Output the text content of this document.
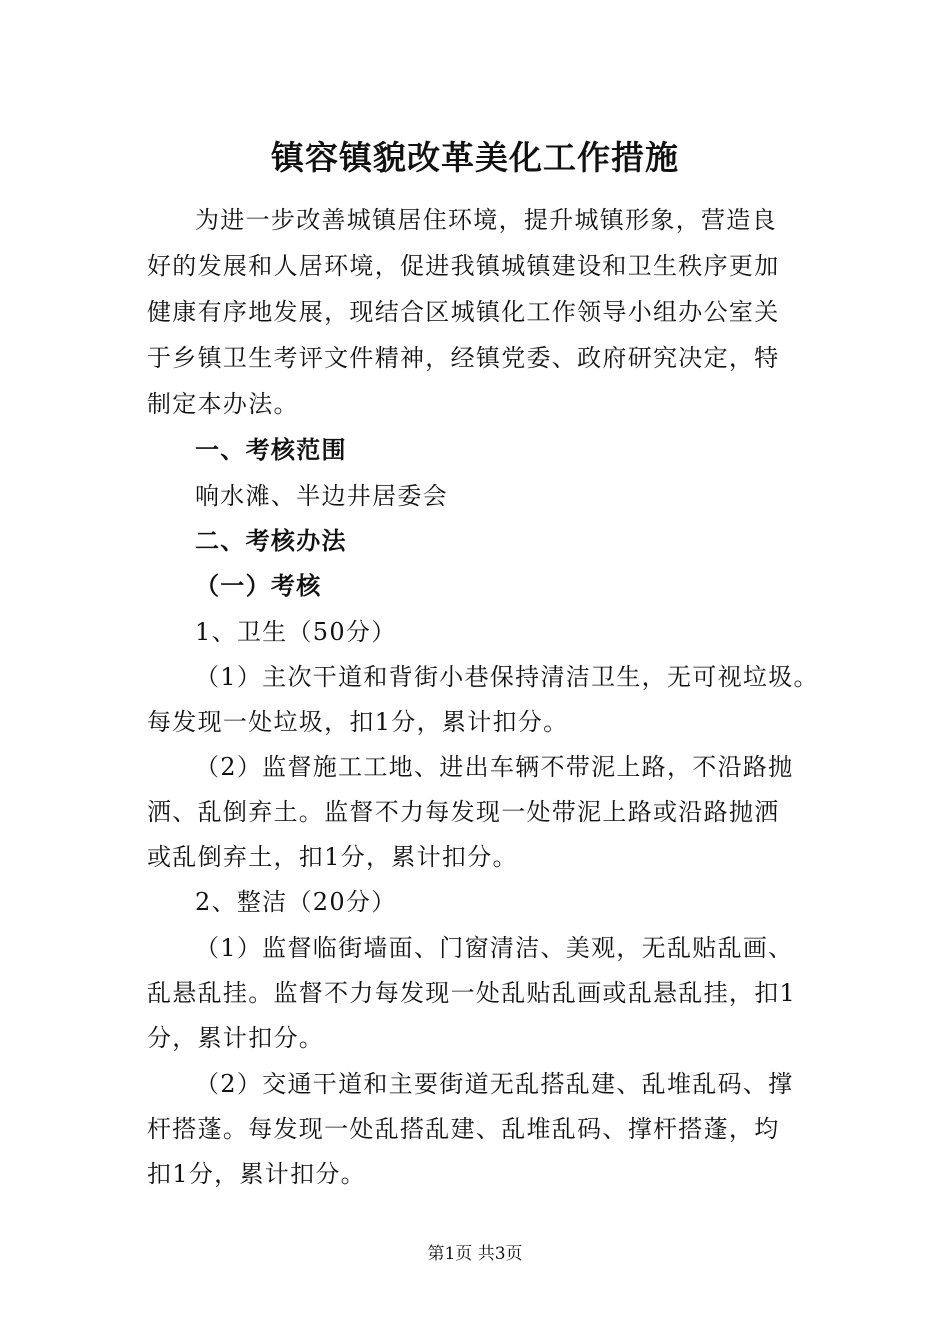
镇容镇貌改革美化工作措施
为进一步改善城镇居住环境，提升城镇形象，营造良
好的发展和人居环境，促进我镇城镇建设和卫生秩序更加
健康有序地发展，现结合区城镇化工作领导小组办公室关
于乡镇卫生考评文件精神，经镇党委、政府研究决定，特
制定本办法。
一、考核范围
响水滩、半边井居委会
二、考核办法
（一）考核
1、卫生（50分）
（1）主次干道和背街小巷保持清洁卫生，无可视垃圾。
每发现一处垃圾，扣1分，累计扣分。
（2）监督施工工地、进出车辆不带泥上路，不沿路抛
洒、乱倒弃土。监督不力每发现一处带泥上路或沿路抛洒
或乱倒弃土，扣1分，累计扣分。
2、整洁（20分）
（1）监督临街墙面、门窗清洁、美观，无乱贴乱画、
乱悬乱挂。监督不力每发现一处乱贴乱画或乱悬乱挂，扣1
分，累计扣分。
（2）交通干道和主要街道无乱搭乱建、乱堆乱码、撑
杆搭蓬。每发现一处乱搭乱建、乱堆乱码、撑杆搭蓬，均
扣1分，累计扣分。
第1页 共3页
